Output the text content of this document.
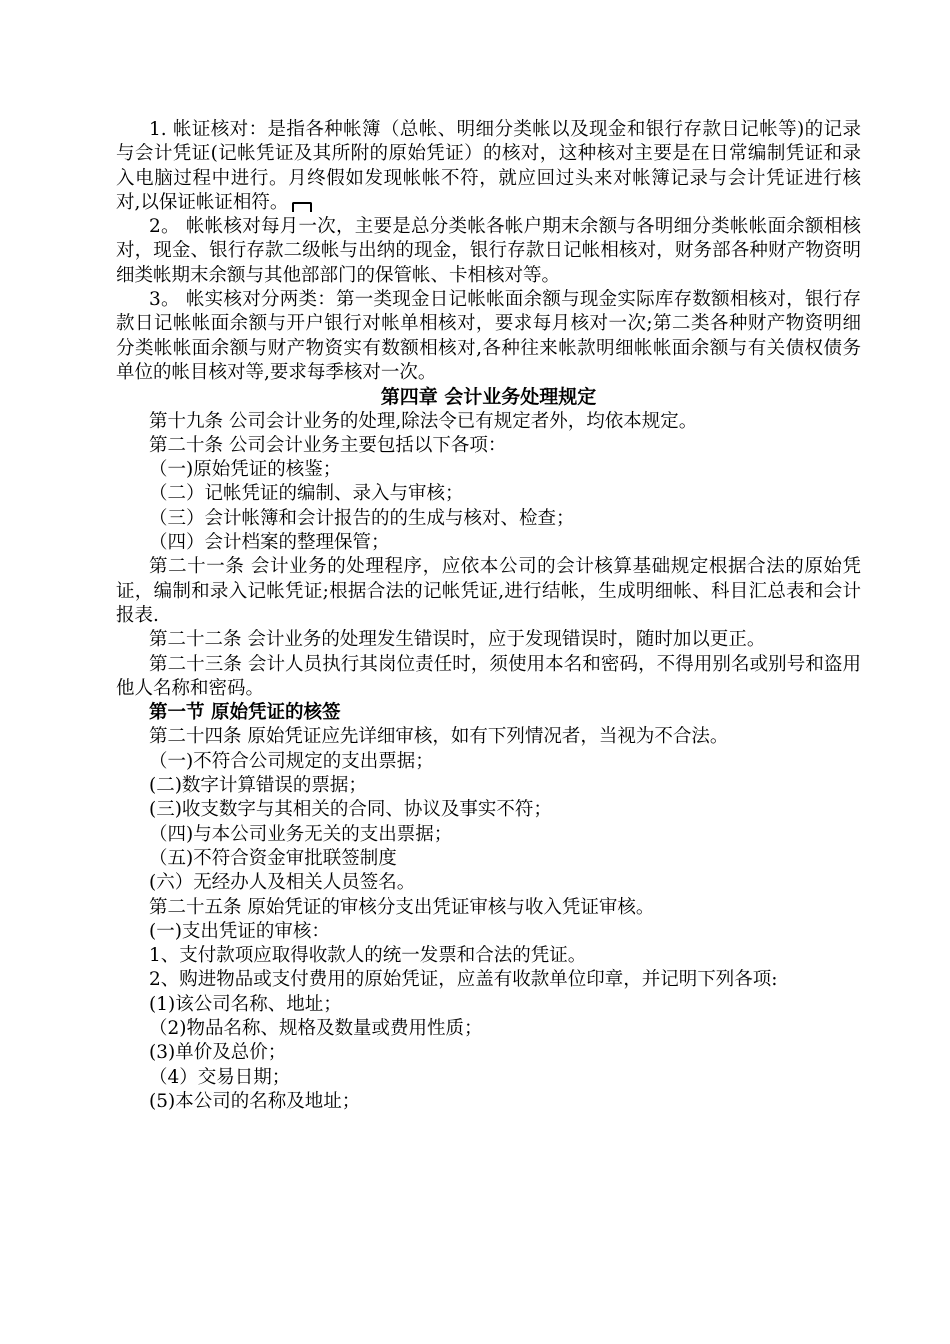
1. 帐证核对：是指各种帐簿（总帐、明细分类帐以及现金和银行存款日记帐等)的记录与会计凭证(记帐凭证及其所附的原始凭证）的核对，这种核对主要是在日常编制凭证和录入电脑过程中进行。月终假如发现帐帐不符，就应回过头来对帐簿记录与会计凭证进行核对,以保证帐证相符。

2。 帐帐核对每月一次，主要是总分类帐各帐户期末余额与各明细分类帐帐面余额相核对，现金、银行存款二级帐与出纳的现金，银行存款日记帐相核对，财务部各种财产物资明细类帐期末余额与其他部部门的保管帐、卡相核对等。

3。 帐实核对分两类：第一类现金日记帐帐面余额与现金实际库存数额相核对，银行存款日记帐帐面余额与开户银行对帐单相核对，要求每月核对一次;第二类各种财产物资明细分类帐帐面余额与财产物资实有数额相核对,各种往来帐款明细帐帐面余额与有关债权债务单位的帐目核对等,要求每季核对一次。

第四章 会计业务处理规定

第十九条 公司会计业务的处理,除法令已有规定者外，均依本规定。

第二十条 公司会计业务主要包括以下各项：

（一)原始凭证的核鉴；

（二）记帐凭证的编制、录入与审核；

（三）会计帐簿和会计报告的的生成与核对、检查；

（四）会计档案的整理保管；

第二十一条 会计业务的处理程序，应依本公司的会计核算基础规定根据合法的原始凭证，编制和录入记帐凭证;根据合法的记帐凭证,进行结帐，生成明细帐、科目汇总表和会计报表.

第二十二条 会计业务的处理发生错误时，应于发现错误时，随时加以更正。

第二十三条 会计人员执行其岗位责任时，须使用本名和密码，不得用别名或别号和盗用他人名称和密码。

第一节 原始凭证的核签

第二十四条 原始凭证应先详细审核，如有下列情况者，当视为不合法。

（一)不符合公司规定的支出票据；

(二)数字计算错误的票据；

(三)收支数字与其相关的合同、协议及事实不符；

（四)与本公司业务无关的支出票据；

（五)不符合资金审批联签制度

(六）无经办人及相关人员签名。

第二十五条 原始凭证的审核分支出凭证审核与收入凭证审核。

(一)支出凭证的审核：

1、支付款项应取得收款人的统一发票和合法的凭证。

2、购进物品或支付费用的原始凭证，应盖有收款单位印章，并记明下列各项:

(1)该公司名称、地址；

（2)物品名称、规格及数量或费用性质；

(3)单价及总价；

（4）交易日期；

(5)本公司的名称及地址；
